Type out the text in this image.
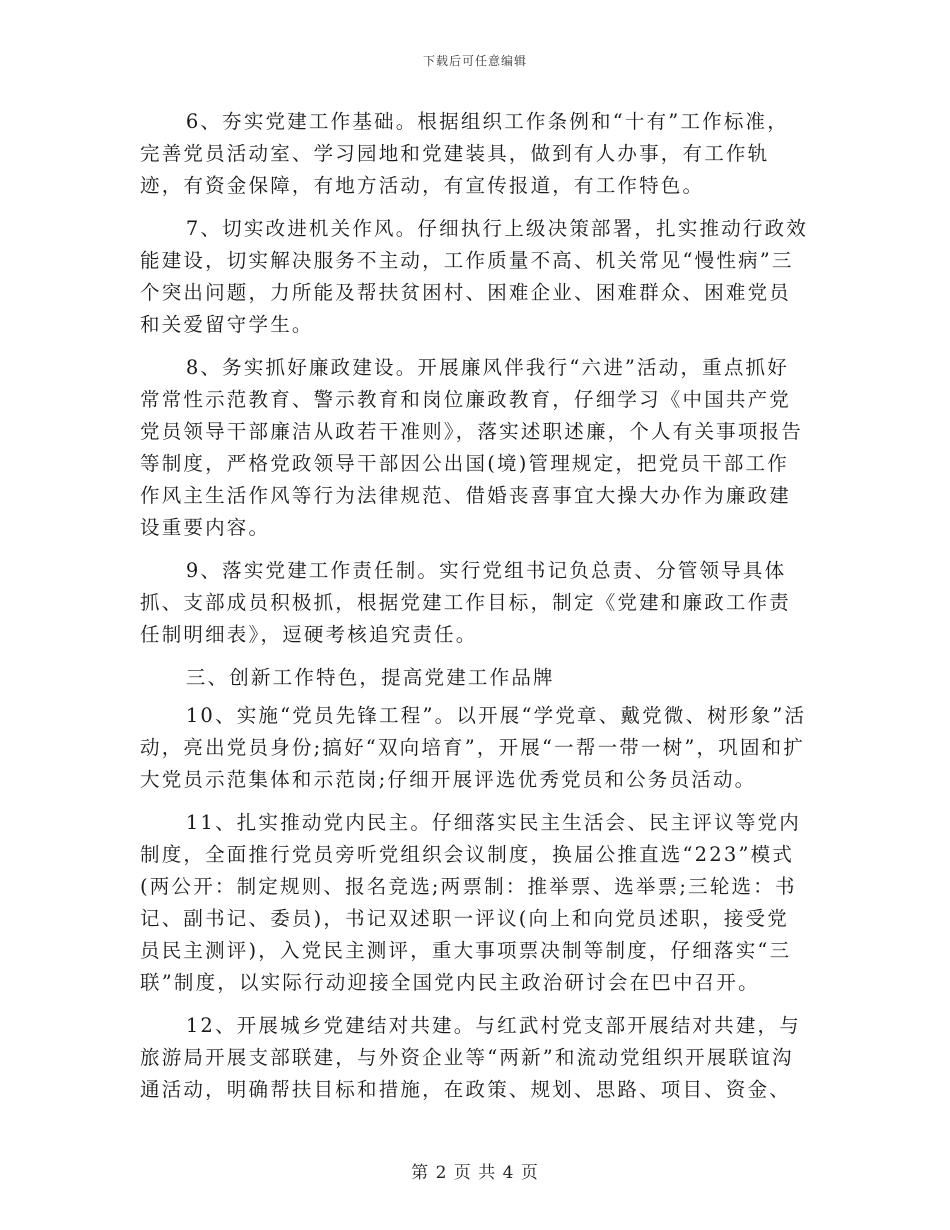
下载后可任意编辑

6、夯实党建工作基础。根据组织工作条例和“十有”工作标准，完善党员活动室、学习园地和党建装具，做到有人办事，有工作轨迹，有资金保障，有地方活动，有宣传报道，有工作特色。

7、切实改进机关作风。仔细执行上级决策部署，扎实推动行政效能建设，切实解决服务不主动，工作质量不高、机关常见“慢性病”三个突出问题，力所能及帮扶贫困村、困难企业、困难群众、困难党员和关爱留守学生。

8、务实抓好廉政建设。开展廉风伴我行“六进”活动，重点抓好常常性示范教育、警示教育和岗位廉政教育，仔细学习《中国共产党党员领导干部廉洁从政若干准则》，落实述职述廉，个人有关事项报告等制度，严格党政领导干部因公出国(境)管理规定，把党员干部工作作风主生活作风等行为法律规范、借婚丧喜事宜大操大办作为廉政建设重要内容。

9、落实党建工作责任制。实行党组书记负总责、分管领导具体抓、支部成员积极抓，根据党建工作目标，制定《党建和廉政工作责任制明细表》，逗硬考核追究责任。

三、创新工作特色，提高党建工作品牌

10、实施“党员先锋工程”。以开展“学党章、戴党微、树形象”活动，亮出党员身份;搞好“双向培育”，开展“一帮一带一树”，巩固和扩大党员示范集体和示范岗;仔细开展评选优秀党员和公务员活动。

11、扎实推动党内民主。仔细落实民主生活会、民主评议等党内制度，全面推行党员旁听党组织会议制度，换届公推直选“223”模式(两公开：制定规则、报名竞选;两票制：推举票、选举票;三轮选：书记、副书记、委员)，书记双述职一评议(向上和向党员述职，接受党员民主测评)，入党民主测评，重大事项票决制等制度，仔细落实“三联”制度，以实际行动迎接全国党内民主政治研讨会在巴中召开。

12、开展城乡党建结对共建。与红武村党支部开展结对共建，与旅游局开展支部联建，与外资企业等“两新”和流动党组织开展联谊沟通活动，明确帮扶目标和措施，在政策、规划、思路、项目、资金、

第 2 页 共 4 页
